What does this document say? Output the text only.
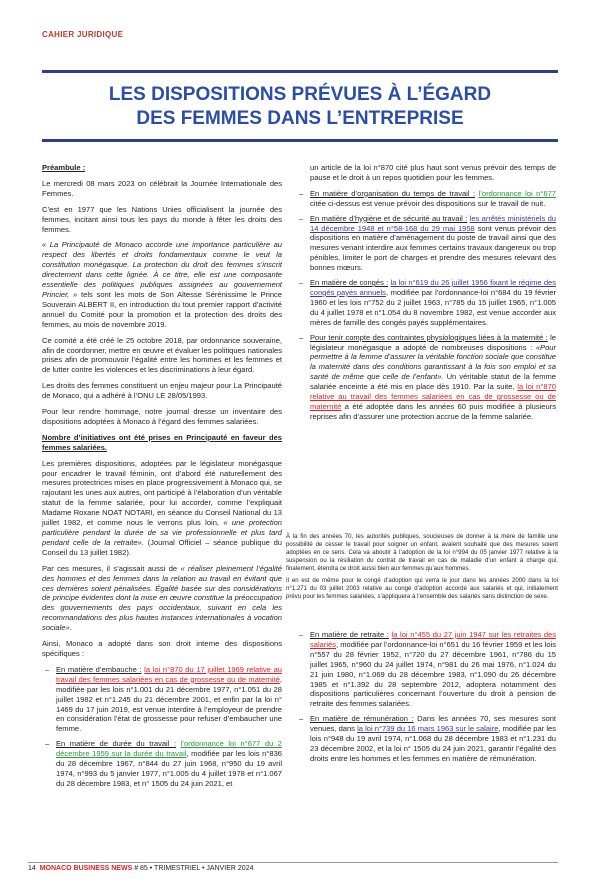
CAHIER JURIDIQUE
LES DISPOSITIONS PRÉVUES À L’ÉGARD
DES FEMMES DANS L’ENTREPRISE

Préambule :

Le mercredi 08 mars 2023 on célébrait la Journée Internationale des Femmes.

C’est en 1977 que les Nations Unies officialisent la journée des femmes, incitant ainsi tous les pays du monde à fêter les droits des femmes.

« La Principauté de Monaco accorde une importance particulière au respect des libertés et droits fondamentaux comme le veut la constitution monégasque. La protection du droit des femmes s’inscrit directement dans cette lignée. À ce titre, elle est une composante essentielle des politiques publiques assignées au gouvernement Princier, » tels sont les mots de Son Altesse Sérénissime le Prince Souverain ALBERT II, en introduction du tout premier rapport d’activité annuel du Comité pour la promotion et la protection des droits des femmes, au mois de novembre 2019.

Ce comité a été créé le 25 octobre 2018, par ordonnance souveraine, afin de coordonner, mettre en œuvre et évaluer les politiques nationales prises afin de promouvoir l’égalité entre les hommes et les femmes et de lutter contre les violences et les discriminations à leur égard.

Les droits des femmes constituent un enjeu majeur pour La Principauté de Monaco, qui a adhéré à l’ONU LE 28/05/1993.

Pour leur rendre hommage, notre journal dresse un inventaire des dispositions adoptées à Monaco à l’égard des femmes salariées.

Nombre d’initiatives ont été prises en Principauté en faveur des femmes salariées.

Les premières dispositions, adoptées par le législateur monégasque pour encadrer le travail féminin, ont d’abord été naturellement des mesures protectrices mises en place progressivement à Monaco qui, se rajoutant les unes aux autres, ont participé à l’élaboration d’un véritable statut de la femme salariée, pour lui accorder, comme l’expliquait Madame Roxane NOAT NOTARI, en séance du Conseil National du 13 juillet 1982, et comme nous le verrons plus loin, « une protection particulière pendant la durée de sa vie professionnelle et plus tard pendant celle de la retraite». (Journal Officiel – séance publique du Conseil du 13 juillet 1982).

Par ces mesures, il s’agissait aussi de « réaliser pleinement l’égalité des hommes et des femmes dans la relation au travail en évitant que ces dernières soient pénalisées. Égalité basée sur des considérations de principe évidentes dont la mise en œuvre constitue la préoccupation des gouvernements des pays occidentaux, suivant en cela les recommandations des plus hautes instances internationales à vocation sociale».

Ainsi, Monaco a adopté dans son droit interne des dispositions spécifiques :

– En matière d’embauche : la loi n°870 du 17 juillet 1969 relative au travail des femmes salariées en cas de grossesse ou de maternité, modifiée par les lois n°1.001 du 21 décembre 1977, n°1.051 du 28 juillet 1982 et n°1.245 du 21 décembre 2001, et enfin par la loi n° 1469 du 17 juin 2019, est venue interdire à l’employeur de prendre en considération l’état de grossesse pour refuser d’embaucher une femme.
– En matière de durée du travail : l’ordonnance loi n°677 du 2 décembre 1959 sur la durée du travail, modifiée par les lois n°836 du 28 décembre 1967, n°844 du 27 juin 1968, n°950 du 19 avril 1974, n°993 du 5 janvier 1977, n°1.005 du 4 juillet 1978 et n°1.067 du 28 décembre 1983, et n° 1505 du 24 juin 2021, et

un article de la loi n°870 cité plus haut sont venus prévoir des temps de pause et le droit à un repos quotidien pour les femmes.

– En matière d’organisation du temps de travail : l’ordonnance loi n°677 citée ci-dessus est venue prévoir des dispositions sur le travail de nuit.
– En matière d’hygiène et de sécurité au travail : les arrêtés ministériels du 14 décembre 1948 et n°58-168 du 29 mai 1958 sont venus prévoir des dispositions en matière d’aménagement du poste de travail ainsi que des mesures venant interdire aux femmes certains travaux dangereux ou trop pénibles, limiter le port de charges et prendre des mesures relevant des bonnes mœurs.
– En matière de congés : la loi n°619 du 26 juillet 1956 fixant le régime des congés payés annuels, modifiée par l’ordonnance-loi n°684 du 19 février 1960 et les lois n°752 du 2 juillet 1963, n°785 du 15 juillet 1965, n°1.005 du 4 juillet 1978 et n°1.054 du 8 novembre 1982, est venue accorder aux mères de famille des congés payés supplémentaires.
– Pour tenir compte des contraintes physiologiques liées à la maternité : le législateur monégasque a adopté de nombreuses dispositions : «Pour permettre à la femme d’assurer la véritable fonction sociale que constitue la maternité dans des conditions garantissant à la fois son emploi et sa santé de même que celle de l’enfant». Un véritable statut de la femme salariée enceinte a été mis en place dès 1910. Par la suite, la loi n°870 relative au travail des femmes salariées en cas de grossesse ou de maternité a été adoptée dans les années 60 puis modifiée à plusieurs reprises afin d’assurer une protection accrue de la femme salariée.

À la fin des années 70, les autorités publiques, soucieuses de donner à la mère de famille une possibilité de cesser le travail pour soigner un enfant, avaient souhaité que des mesures soient adoptées en ce sens. Cela va aboutir à l’adoption de la loi n°994 du 05 janvier 1977 relative à la suspension ou la résiliation du contrat de travail en cas de maladie d’un enfant à charge qui, finalement, étendra ce droit aussi bien aux femmes qu’aux hommes.

Il en est de même pour le congé d’adoption qui verra le jour dans les années 2000 dans la loi n°1.271 du 03 juillet 2003 relative au congé d’adoption accordé aux salariés et qui, initialement prévu pour les femmes salariées, s’appliquera à l’ensemble des salariés sans distinction de sexe.

– En matière de retraite : la loi n°455 du 27 juin 1947 sur les retraites des salariés, modifiée par l’ordonnance-loi n°651 du 16 février 1959 et les lois n°557 du 28 février 1952, n°720 du 27 décembre 1961, n°786 du 15 juillet 1965, n°960 du 24 juillet 1974, n°981 du 26 mai 1976, n°1.024 du 21 juin 1980, n°1.069 du 28 décembre 1983, n°1.090 du 26 décembre 1985 et n°1.392 du 28 septembre 2012, adoptera notamment des dispositions particulières concernant l’ouverture du droit à pension de retraite des femmes salariées.
– En matière de rémunération : Dans les années 70, ses mesures sont venues, dans la loi n°739 du 16 mars 1963 sur le salaire, modifiée par les lois n°948 du 19 avril 1974, n°1.068 du 28 décembre 1983 et n°1.231 du 23 décembre 2002, et la loi n° 1505 du 24 juin 2021, garantir l’égalité des droits entre les hommes et les femmes en matière de rémunération.
14 MONACO BUSINESS NEWS # 85 • TRIMESTRIEL • JANVIER 2024
